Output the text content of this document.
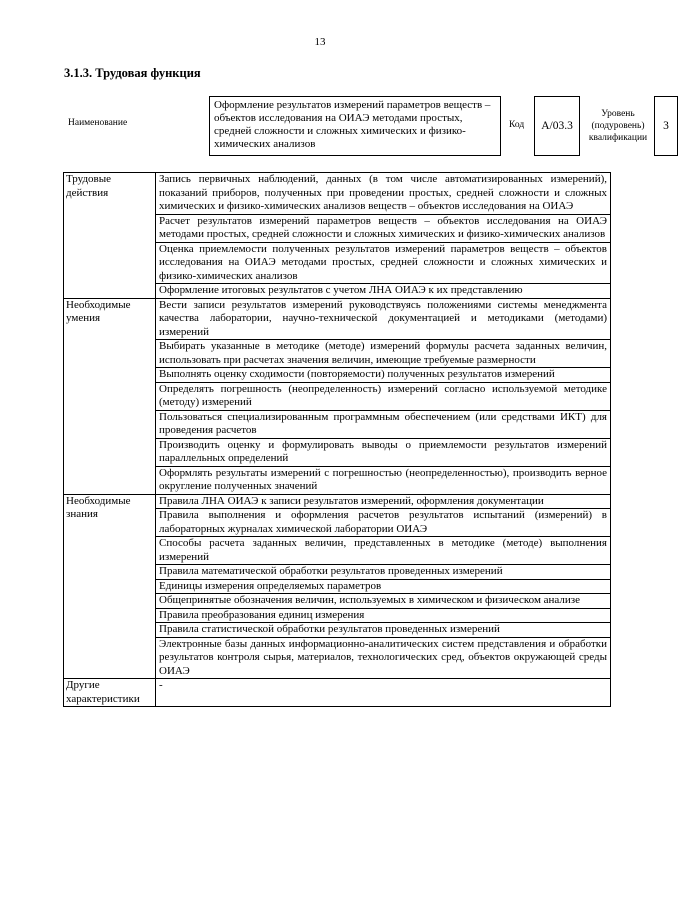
13
3.1.3. Трудовая функция
Наименование
Оформление результатов измерений параметров веществ – объектов исследования на ОИАЭ методами простых, средней сложности и сложных химических и физико-химических анализов
Код	A/03.3
Уровень (подуровень) квалификации
3
Трудовые действия	Запись первичных наблюдений, данных (в том числе автоматизированных измерений), показаний приборов, полученных при проведении простых, средней сложности и сложных химических и физико-химических анализов веществ – объектов исследования на ОИАЭ
	Расчет результатов измерений параметров веществ – объектов исследования на ОИАЭ методами простых, средней сложности и сложных химических и физико-химических анализов
	Оценка приемлемости полученных результатов измерений параметров веществ – объектов исследования на ОИАЭ методами простых, средней сложности и сложных химических и физико-химических анализов
	Оформление итоговых результатов с учетом ЛНА ОИАЭ к их представлению
Необходимые умения	Вести записи результатов измерений руководствуясь положениями системы менеджмента качества лаборатории, научно-технической документацией и методиками (методами) измерений
	Выбирать указанные в методике (методе) измерений формулы расчета заданных величин, использовать при расчетах значения величин, имеющие требуемые размерности
	Выполнять оценку сходимости (повторяемости) полученных результатов измерений
	Определять погрешность (неопределенность) измерений согласно используемой методике (методу) измерений
	Пользоваться специализированным программным обеспечением (или средствами ИКТ) для проведения расчетов
	Производить оценку и формулировать выводы о приемлемости результатов измерений параллельных определений
	Оформлять результаты измерений с погрешностью (неопределенностью), производить верное округление полученных значений
Необходимые знания	Правила ЛНА ОИАЭ к записи результатов измерений, оформления документации
	Правила выполнения и оформления расчетов результатов испытаний (измерений) в лабораторных журналах химической лаборатории ОИАЭ
	Способы расчета заданных величин, представленных в методике (методе) выполнения измерений
	Правила математической обработки результатов проведенных измерений
	Единицы измерения определяемых параметров
	Общепринятые обозначения величин, используемых в химическом и физическом анализе
	Правила преобразования единиц измерения
	Правила статистической обработки результатов проведенных измерений
	Электронные базы данных информационно-аналитических систем представления и обработки результатов контроля сырья, материалов, технологических сред, объектов окружающей среды ОИАЭ
Другие характеристики	-
